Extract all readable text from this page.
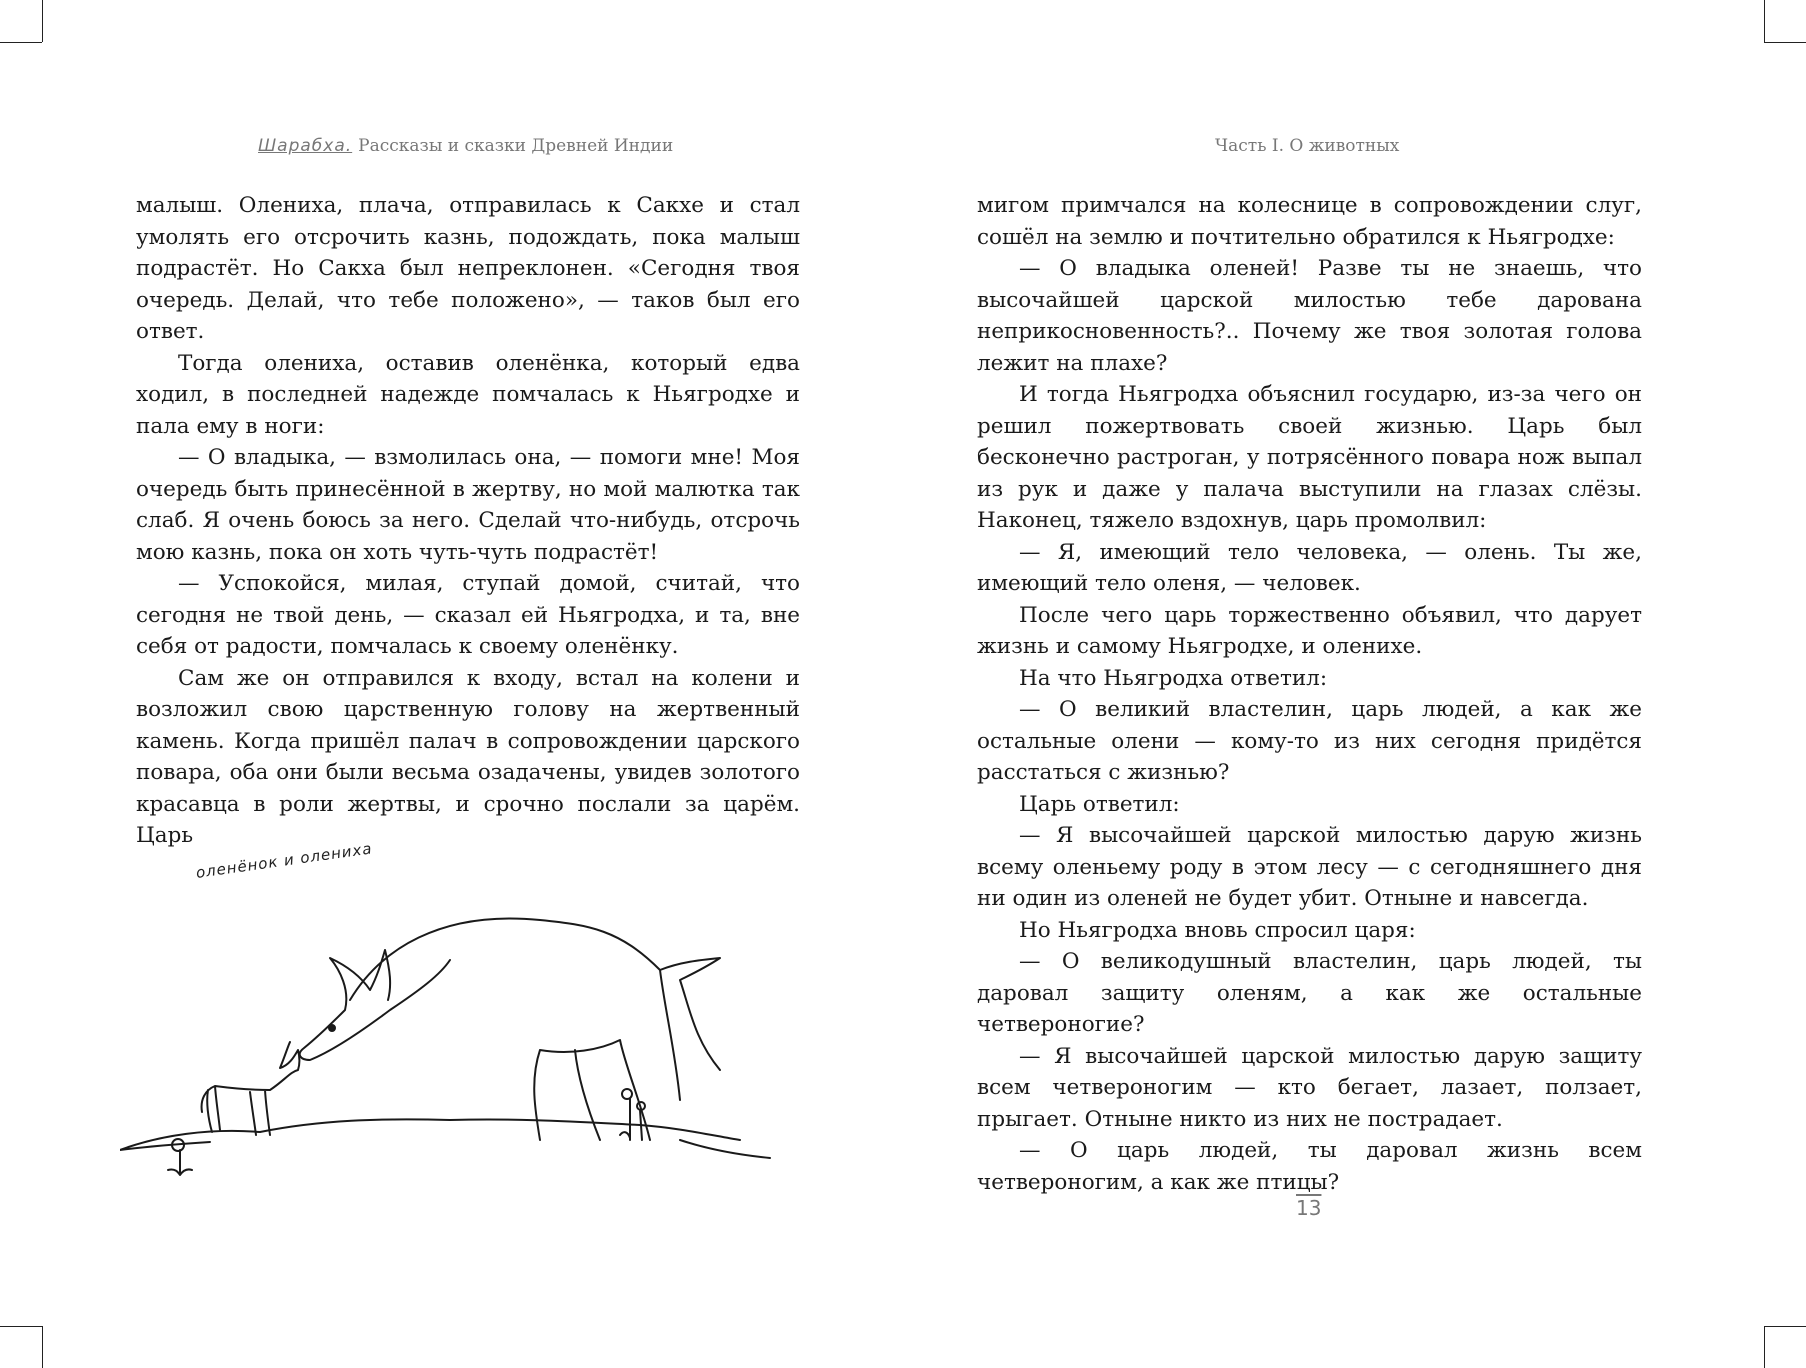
Шарабха. Рассказы и сказки Древней Индии

малыш. Олениха, плача, отправилась к Сакхе и стал умолять его отсрочить казнь, подождать, пока малыш подрастёт. Но Сакха был непреклонен. «Сегодня твоя очередь. Делай, что тебе положено», — таков был его ответ.

Тогда олениха, оставив оленёнка, который едва ходил, в последней надежде помчалась к Ньягродхе и пала ему в ноги:

— О владыка, — взмолилась она, — помоги мне! Моя очередь быть принесённой в жертву, но мой малютка так слаб. Я очень боюсь за него. Сделай что-нибудь, отсрочь мою казнь, пока он хоть чуть-чуть подрастёт!

— Успокойся, милая, ступай домой, считай, что сегодня не твой день, — сказал ей Ньягродха, и та, вне себя от радости, помчалась к своему оленёнку.

Сам же он отправился к входу, встал на колени и возложил свою царственную голову на жертвенный камень. Когда пришёл палач в сопровождении царского повара, оба они были весьма озадачены, увидев золотого красавца в роли жертвы, и срочно послали за царём. Царь

оленёнок и олениха
Часть I. О животных

мигом примчался на колеснице в сопровождении слуг, сошёл на землю и почтительно обратился к Ньягродхе:

— О владыка оленей! Разве ты не знаешь, что высочайшей царской милостью тебе дарована неприкосновенность?.. Почему же твоя золотая голова лежит на плахе?

И тогда Ньягродха объяснил государю, из-за чего он решил пожертвовать своей жизнью. Царь был бесконечно растроган, у потрясённого повара нож выпал из рук и даже у палача выступили на глазах слёзы. Наконец, тяжело вздохнув, царь промолвил:

— Я, имеющий тело человека, — олень. Ты же, имеющий тело оленя, — человек.

После чего царь торжественно объявил, что дарует жизнь и самому Ньягродхе, и оленихе.

На что Ньягродха ответил:

— О великий властелин, царь людей, а как же остальные олени — кому-то из них сегодня придётся расстаться с жизнью?

Царь ответил:

— Я высочайшей царской милостью дарую жизнь всему оленьему роду в этом лесу — с сегодняшнего дня ни один из оленей не будет убит. Отныне и навсегда.

Но Ньягродха вновь спросил царя:

— О великодушный властелин, царь людей, ты даровал защиту оленям, а как же остальные четвероногие?

— Я высочайшей царской милостью дарую защиту всем четвероногим — кто бегает, лазает, ползает, прыгает. Отныне никто из них не пострадает.

— О царь людей, ты даровал жизнь всем четвероногим, а как же птицы?

13
